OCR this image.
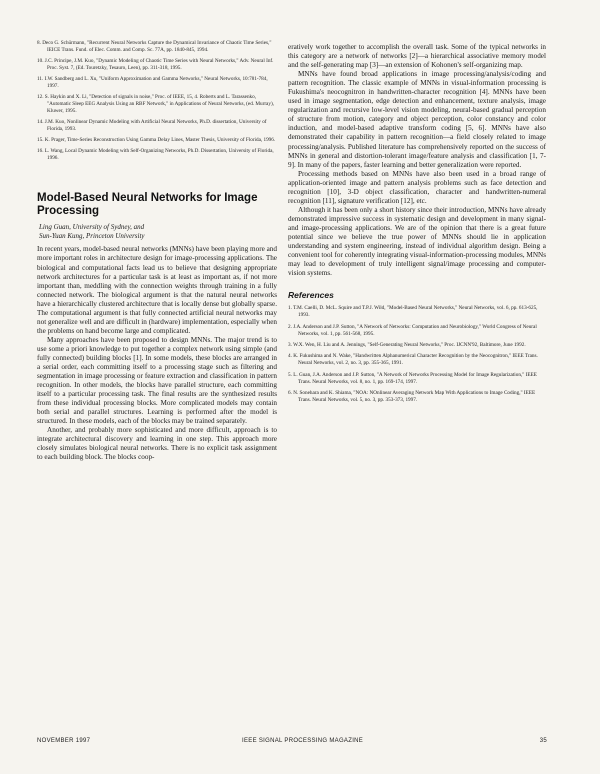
8. Deco G. Schürmann, "Recurrent Neural Networks Capture the Dynamical Invariance of Chaotic Time Series," IEICE Trans. Fund. of Elec. Comm. and Comp. Sc. 77A, pp. 1840-845, 1994.
10. J.C. Principe, J.M. Kuo, "Dynamic Modeling of Chaotic Time Series with Neural Networks," Adv. Neural Inf. Proc. Syst. 7, (Ed. Touretzky, Tesauro, Leen), pp. 311-318, 1995.
11. I.W. Sandberg and L. Xu, "Uniform Approximation and Gamma Networks," Neural Networks, 10:781-784, 1997.
12. S. Haykin and X. Li, "Detection of signals in noise," Proc. of IEEE, 15, 4. Roberts and L. Tarassenko, "Automatic Sleep EEG Analysis Using an RBF Network," in Applications of Neural Networks, (ed. Murray), Kluwer, 1995.
14. J.M. Kuo, Nonlinear Dynamic Modeling with Artificial Neural Networks, Ph.D. dissertation, University of Florida, 1993.
15. K. Prager, Time-Series Reconstruction Using Gamma Delay Lines, Master Thesis, University of Florida, 1996.
16. L. Wang, Local Dynamic Modeling with Self-Organizing Networks, Ph.D. Dissertation, University of Florida, 1996.
Model-Based Neural Networks for Image Processing
Ling Guan, University of Sydney, and
Sun-Yuan Kung, Princeton University

In recent years, model-based neural networks (MNNs) have been playing more and more important roles in architecture design for image-processing applications. The biological and computational facts lead us to believe that designing appropriate network architectures for a particular task is at least as important as, if not more important than, meddling with the connection weights through training in a fully connected network. The biological argument is that the natural neural networks have a hierarchically clustered architecture that is locally dense but globally sparse. The computational argument is that fully connected artificial neural networks may not generalize well and are difficult in (hardware) implementation, especially when the problems on hand become large and complicated.

Many approaches have been proposed to design MNNs. The major trend is to use some a priori knowledge to put together a complex network using simple (and fully connected) building blocks [1]. In some models, these blocks are arranged in a serial order, each committing itself to a processing stage such as filtering and segmentation in image processing or feature extraction and classification in pattern recognition. In other models, the blocks have parallel structure, each committing itself to a particular processing task. The final results are the synthesized results from these individual processing blocks. More complicated models may contain both serial and parallel structures. Learning is performed after the model is structured. In these models, each of the blocks may be trained separately.

Another, and probably more sophisticated and more difficult, approach is to integrate architectural discovery and learning in one step. This approach more closely simulates biological neural networks. There is no explicit task assignment to each building block. The blocks coop-

eratively work together to accomplish the overall task. Some of the typical networks in this category are a network of networks [2]—a hierarchical associative memory model and the self-generating map [3]—an extension of Kohonen's self-organizing map.

MNNs have found broad applications in image processing/analysis/coding and pattern recognition. The classic example of MNNs in visual-information processing is Fukushima's neocognitron in handwritten-character recognition [4]. MNNs have been used in image segmentation, edge detection and enhancement, texture analysis, image regularization and recursive low-level vision modeling, neural-based gradual perception of structure from motion, category and object perception, color constancy and color induction, and model-based adaptive transform coding [5, 6]. MNNs have also demonstrated their capability in pattern recognition—a field closely related to image processing/analysis. Published literature has comprehensively reported on the success of MNNs in general and distortion-tolerant image/feature analysis and classification [1, 7-9]. In many of the papers, faster learning and better generalization were reported.

Processing methods based on MNNs have also been used in a broad range of application-oriented image and pattern analysis problems such as face detection and recognition [10], 3-D object classification, character and handwritten-numeral recognition [11], signature verification [12], etc.

Although it has been only a short history since their introduction, MNNs have already demonstrated impressive success in systematic design and development in many signal- and image-processing applications. We are of the opinion that there is a great future potential since we believe the true power of MNNs should lie in application understanding and system engineering, instead of individual algorithm design. Being a convenient tool for coherently integrating visual-information-processing modules, MNNs may lead to development of truly intelligent signal/image processing and computer-vision systems.

References
1. T.M. Caelli, D. McL. Squire and T.P.J. Wild, "Model-Based Neural Networks," Neural Networks, vol. 6, pp. 613-625, 1993.
2. J.A. Anderson and J.P. Sutton, "A Network of Networks: Computation and Neurobiology," World Congress of Neural Networks, vol. 1, pp. 561-568, 1995.
3. W.X. Wen, H. Liu and A. Jennings, "Self-Generating Neural Networks," Proc. IJCNN'92, Baltimore, June 1992.
4. K. Fukushima and N. Wake, "Handwritten Alphanumerical Character Recognition by the Neocognitron," IEEE Trans. Neural Networks, vol. 2, no. 3, pp. 355-365, 1991.
5. L. Guan, J.A. Anderson and J.P. Sutton, "A Network of Networks Processing Model for Image Regularization," IEEE Trans. Neural Networks, vol. 8, no. 1, pp. 169-174, 1997.
6. N. Sonehara and K. Shiama, "NOA: NOnlinear Averaging Network Map With Applications to Image Coding," IEEE Trans. Neural Networks, vol. 5, no. 3, pp. 353-373, 1997.
NOVEMBER 1997	IEEE SIGNAL PROCESSING MAGAZINE	35
